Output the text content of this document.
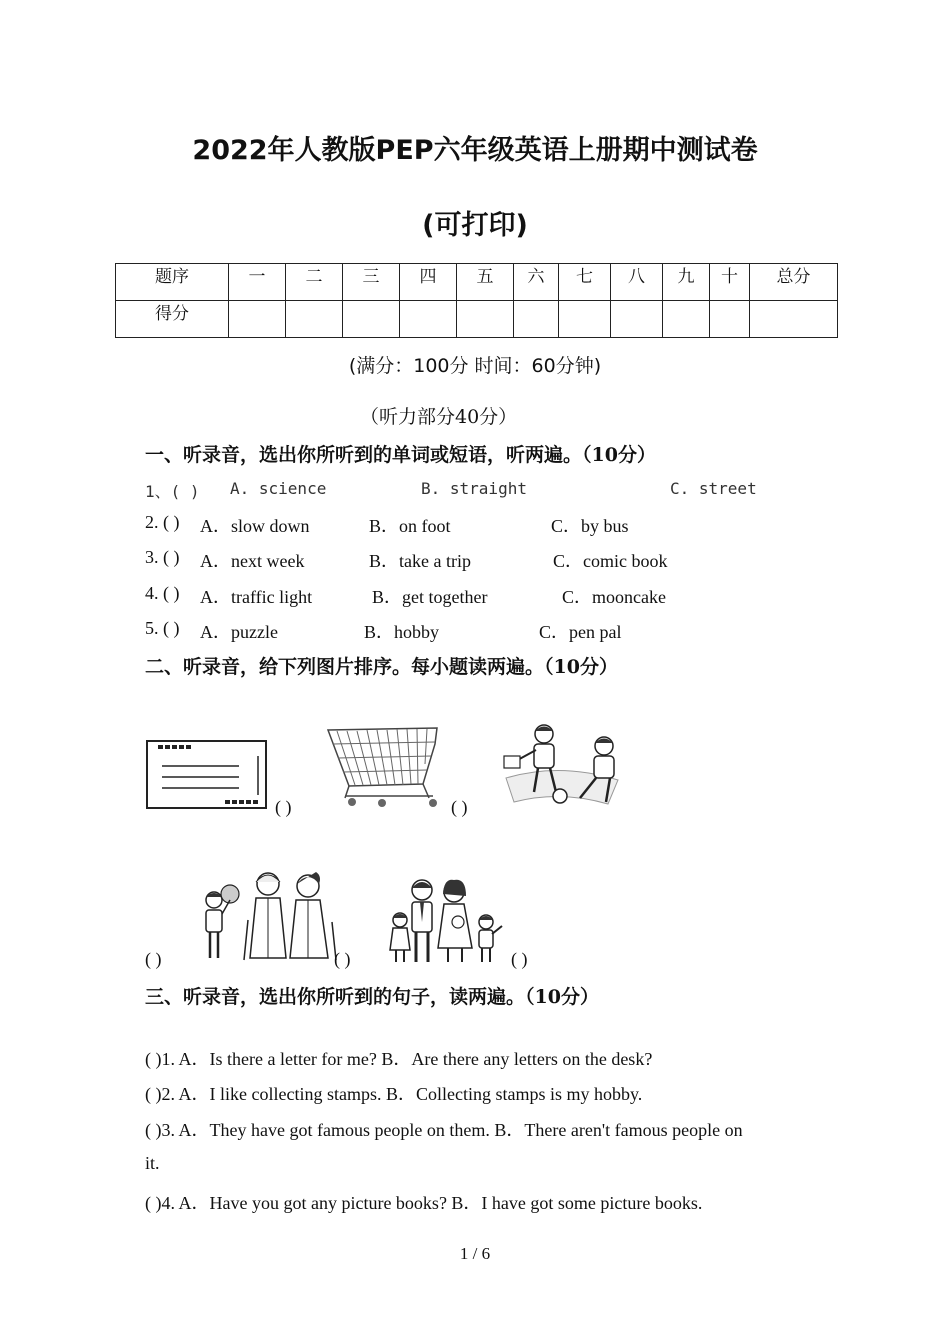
2022年人教版PEP六年级英语上册期中测试卷
(可打印)
题序	一	二	三	四	五	六	七	八	九	十	总分
得分											
(满分：100分 时间：60分钟)
（听力部分40分）
一、听录音，选出你所听到的单词或短语，听两遍。（10分）
1、( ) A. science	B. straight	C. street
2. ( ) A．slow down	B．on foot	C．by bus
3. ( ) A．next week	B．take a trip	C．comic book
4. ( ) A．traffic light	B．get together	C．mooncake
5. ( ) A．puzzle	B．hobby	C．pen pal
二、听录音，给下列图片排序。每小题读两遍。（10分）
( )	( )
( )	( )	( )
三、听录音，选出你所听到的句子，读两遍。（10分）
( )1. A．Is there a letter for me? B．Are there any letters on the desk?
( )2. A．I like collecting stamps. B．Collecting stamps is my hobby.
( )3. A．They have got famous people on them. B．There aren't famous people on
it.
( )4. A．Have you got any picture books? B．I have got some picture books.
1 / 6
